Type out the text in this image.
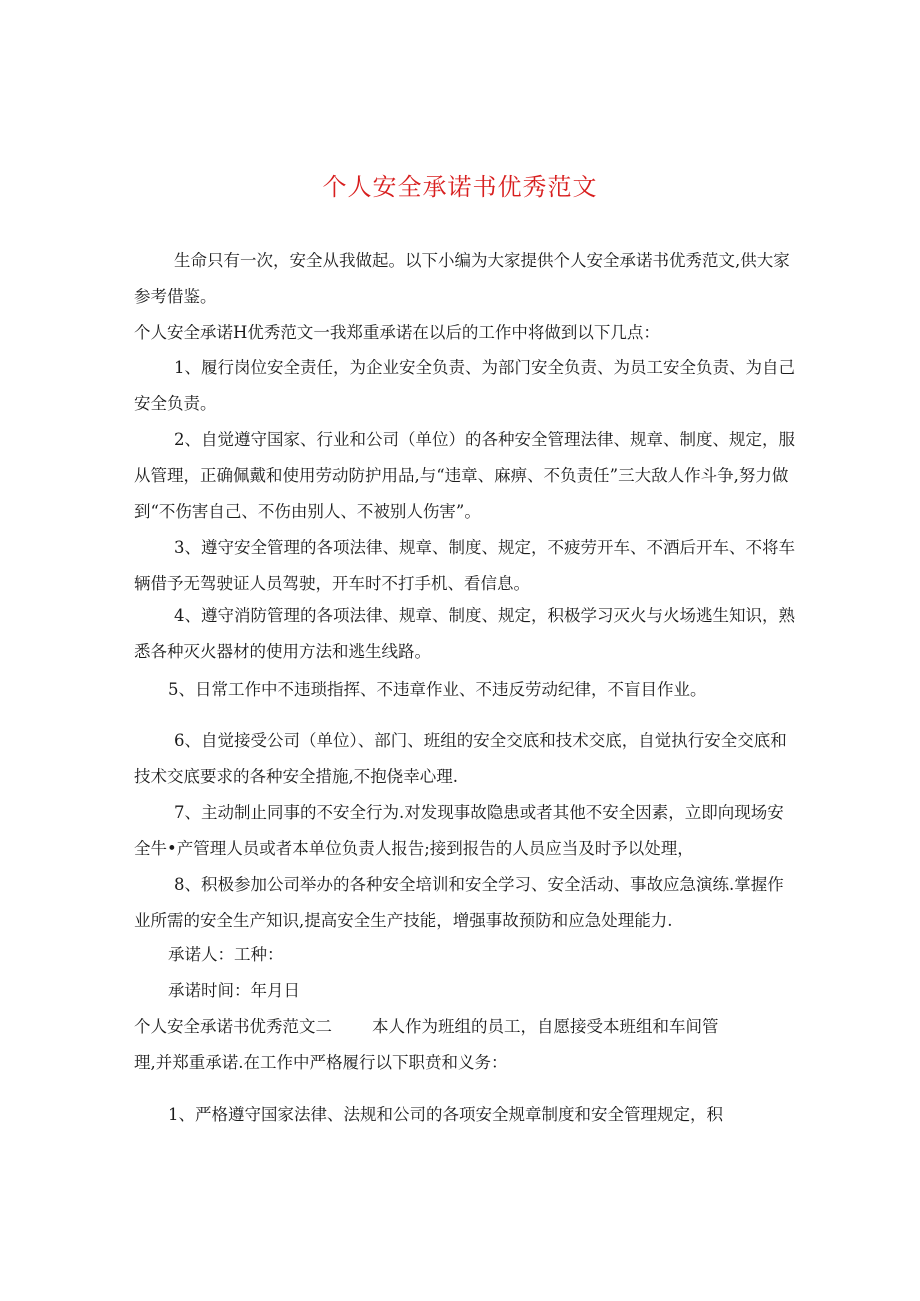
个人安全承诺书优秀范文

生命只有一次，安全从我做起。以下小编为大家提供个人安全承诺书优秀范文,供大家参考借鉴。

个人安全承诺H优秀范文一我郑重承诺在以后的工作中将做到以下几点：

1、履行岗位安全责任，为企业安全负责、为部门安全负责、为员工安全负责、为自己安全负责。

2、自觉遵守国家、行业和公司（单位）的各种安全管理法律、规章、制度、规定，服从管理，正确佩戴和使用劳动防护用品,与“违章、麻痹、不负责任”三大敌人作斗争,努力做到“不伤害自己、不伤由别人、不被别人伤害”。

3、遵守安全管理的各项法律、规章、制度、规定，不疲劳开车、不酒后开车、不将车辆借予无驾驶证人员驾驶，开车时不打手机、看信息。

4、遵守消防管理的各项法律、规章、制度、规定，积极学习灭火与火场逃生知识，熟悉各种灭火器材的使用方法和逃生线路。

5、日常工作中不违琐指挥、不违章作业、不违反劳动纪律，不盲目作业。

6、自觉接受公司（单位）、部门、班组的安全交底和技术交底，自觉执行安全交底和技术交底要求的各种安全措施,不抱侥幸心理.

7、主动制止同事的不安全行为.对发现事故隐患或者其他不安全因素，立即向现场安全牛•产管理人员或者本单位负责人报告;接到报告的人员应当及时予以处理，

8、积极参加公司举办的各种安全培训和安全学习、安全活动、事故应急演练.掌握作业所需的安全生产知识,提高安全生产技能，增强事故预防和应急处理能力.

承诺人：工种：

承诺时间：年月日

个人安全承诺书优秀范文二 本人作为班组的员工，自愿接受本班组和车间管

理,并郑重承诺.在工作中严格履行以下职贲和义务：

1、严格遵守国家法律、法规和公司的各项安全规章制度和安全管理规定，积
